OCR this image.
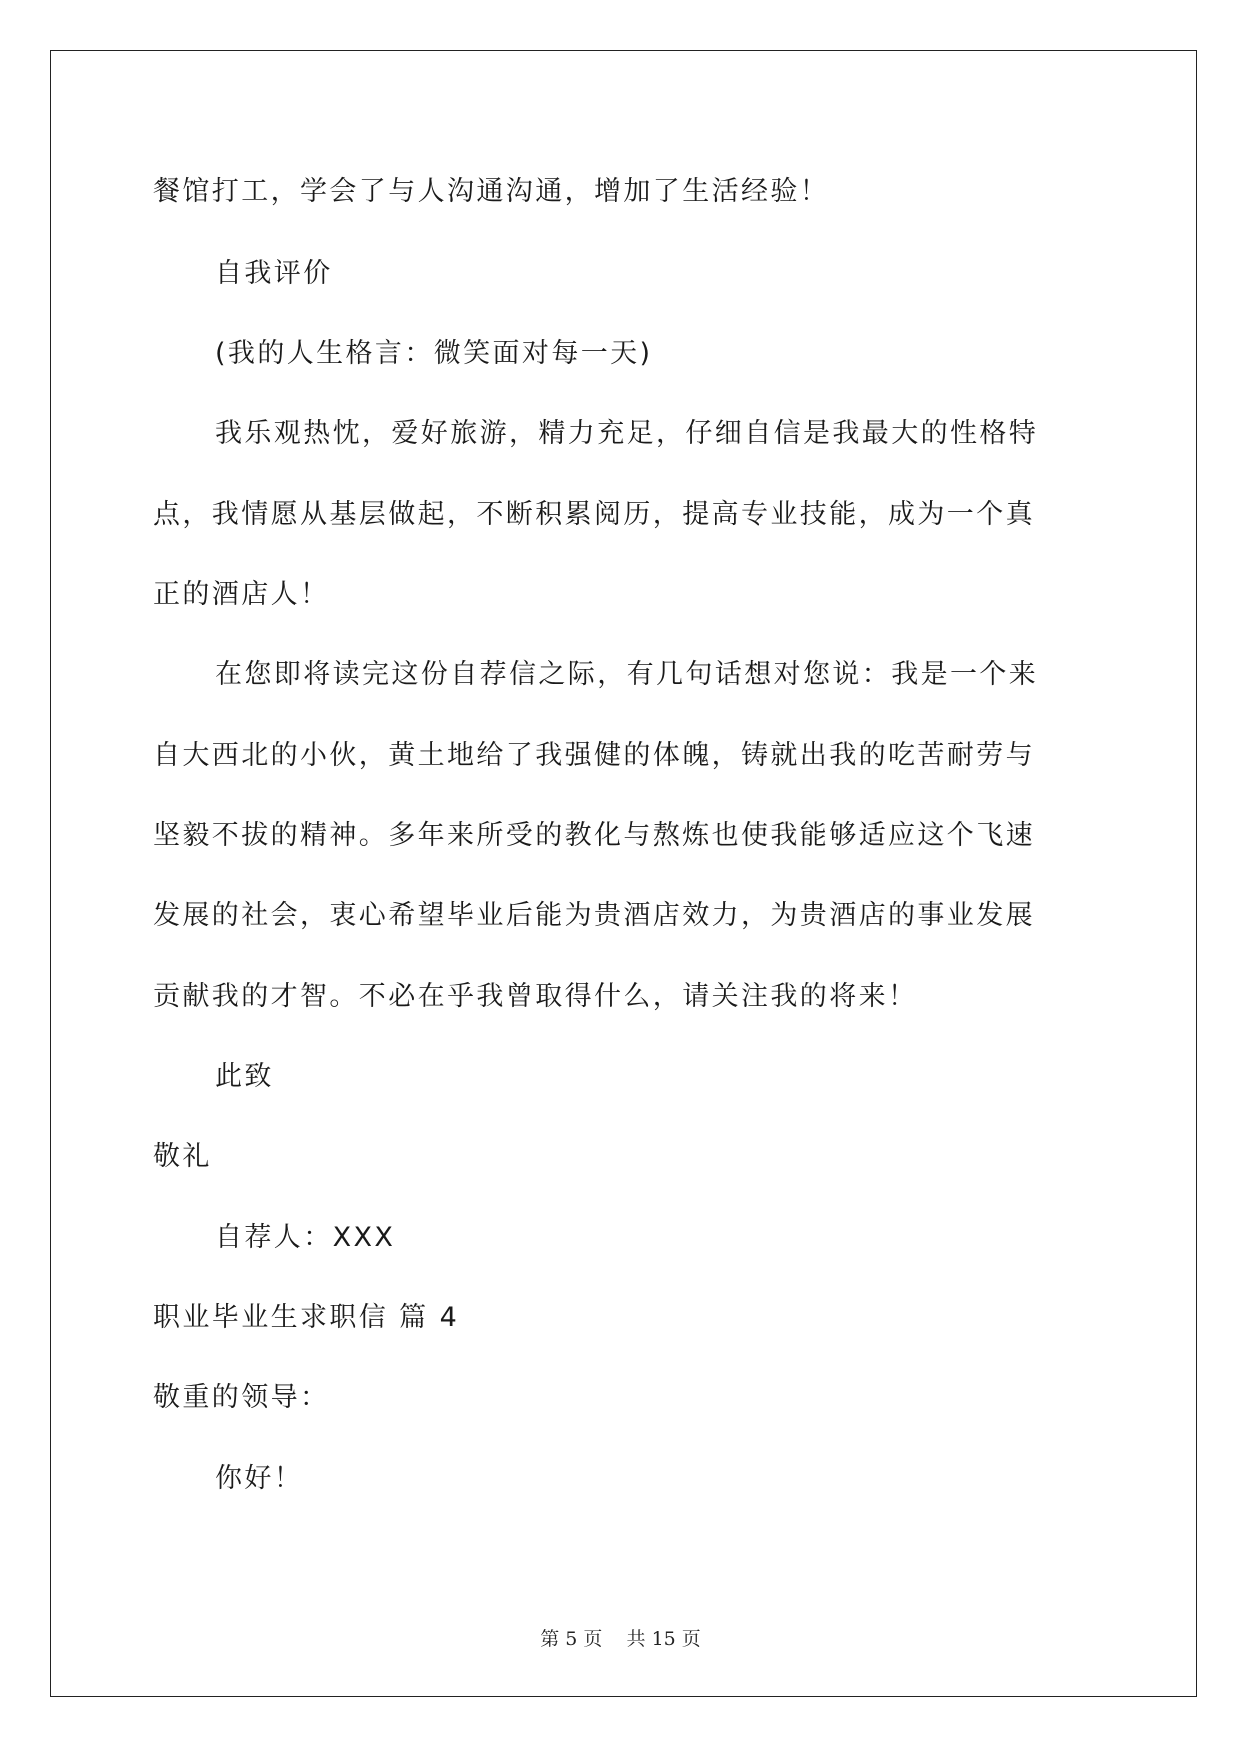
餐馆打工，学会了与人沟通沟通，增加了生活经验！
自我评价
(我的人生格言：微笑面对每一天)
我乐观热忱，爱好旅游，精力充足，仔细自信是我最大的性格特
点，我情愿从基层做起，不断积累阅历，提高专业技能，成为一个真
正的酒店人！
在您即将读完这份自荐信之际，有几句话想对您说：我是一个来
自大西北的小伙，黄土地给了我强健的体魄，铸就出我的吃苦耐劳与
坚毅不拔的精神。多年来所受的教化与熬炼也使我能够适应这个飞速
发展的社会，衷心希望毕业后能为贵酒店效力，为贵酒店的事业发展
贡献我的才智。不必在乎我曾取得什么，请关注我的将来！
此致
敬礼
自荐人：XXX
职业毕业生求职信 篇 4
敬重的领导：
你好！
第 5 页    共 15 页
